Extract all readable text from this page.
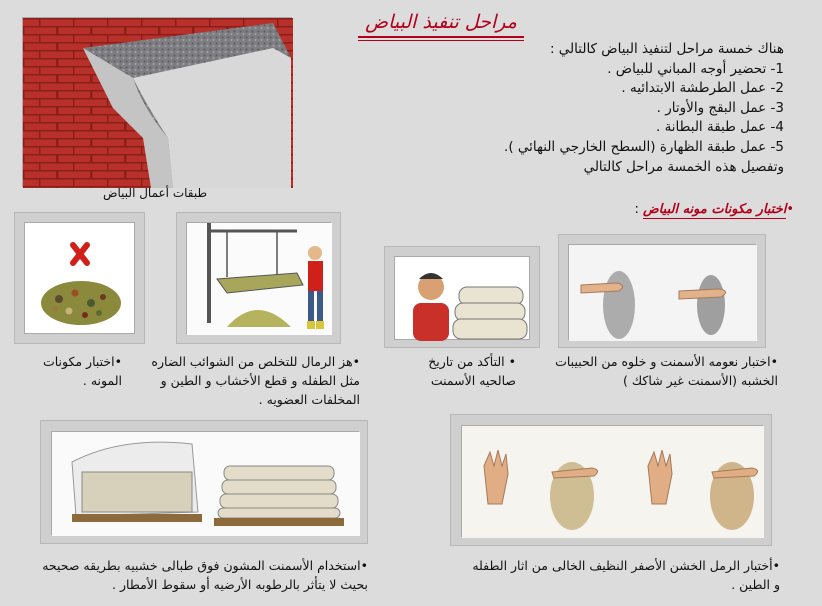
مراحل تنفيذ البياض
طبقات أعمال البياض
هناك خمسة مراحل لتنفيذ البياض كالتالي :
1- تحضير أوجه المباني للبياض .
2- عمل الطرطشة الابتدائيه .
3- عمل البقج والأوتار .
4- عمل طبقة البطانة .
5- عمل طبقة الظهارة (السطح الخارجي النهائي ).
وتفصيل هذه الخمسة مراحل كالتالي
•اختبار مكونات مونه البياض :
•اختبار مكونات المونه .
•هز الرمال للتخلص من الشوائب الضاره مثل الطفله و قطع الأخشاب و الطين و المخلفات العضويه .
• التأكد من تاريخ صالحيه الأسمنت
•اختبار نعومه الأسمنت و خلوه من الحبيبات الخشبه (الأسمنت غير شاكك )
•استخدام الأسمنت المشون فوق طبالى خشبيه بطريقه صحيحه بحيث لا يتأثر بالرطوبه الأرضيه أو سقوط الأمطار .
•أختبار الرمل الخشن الأصفر النظيف الخالى من اثار الطفله و الطين .
